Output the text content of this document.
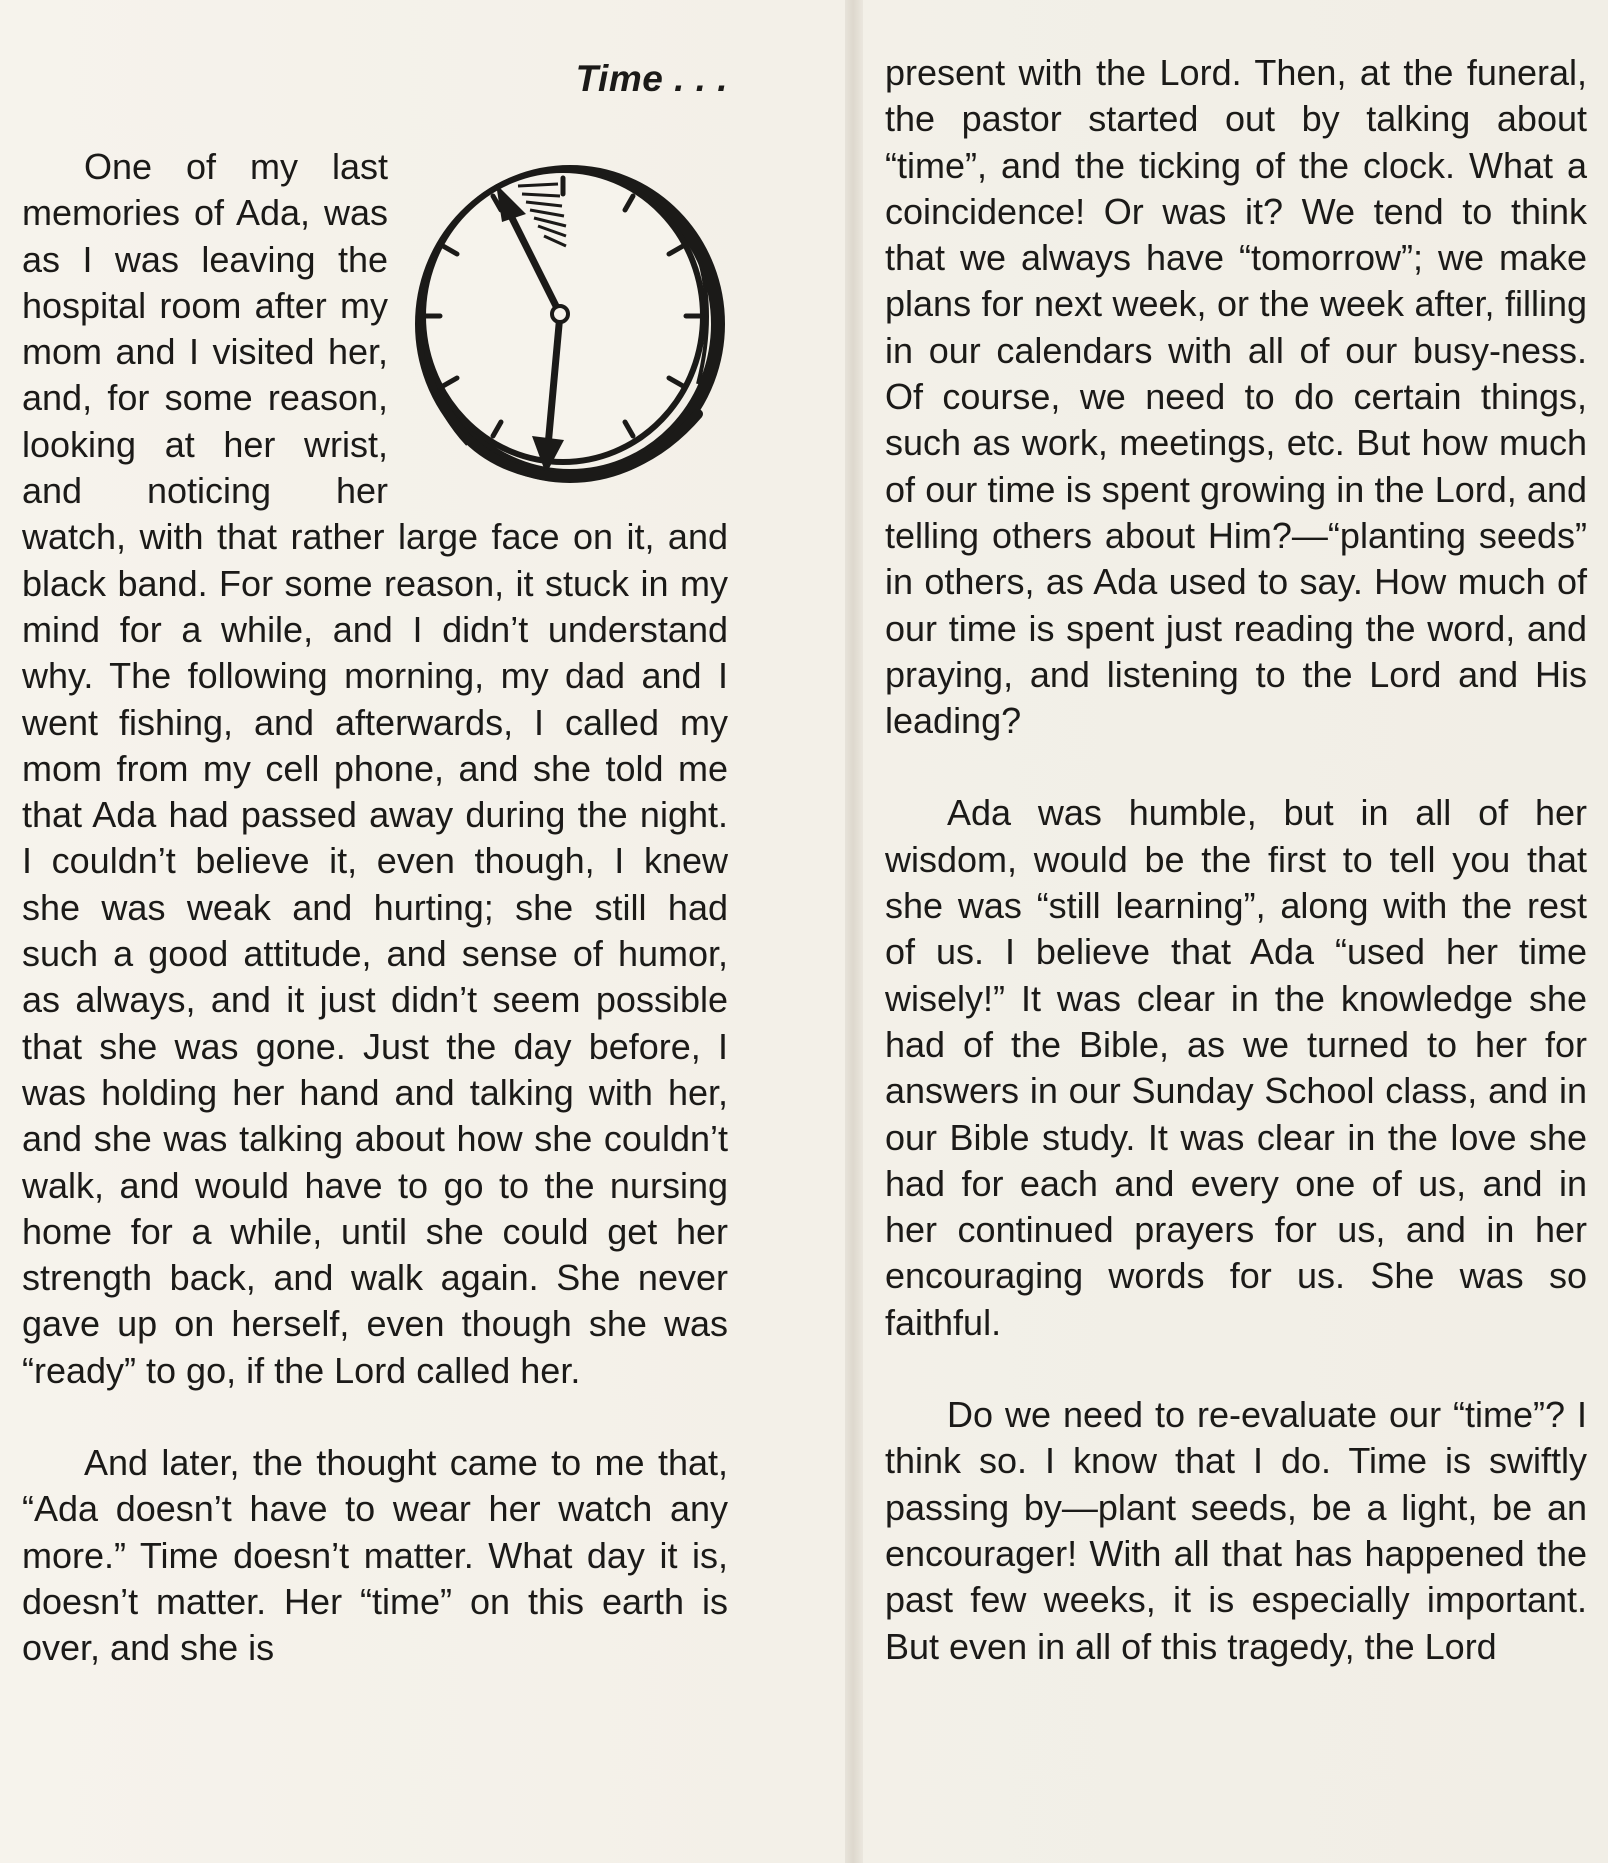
Time . . .

One of my last memories of Ada, was as I was leaving the hospital room after my mom and I visited her, and, for some reason, looking at her wrist, and noticing her watch, with that rather large face on it, and black band. For some reason, it stuck in my mind for a while, and I didn’t understand why. The following morning, my dad and I went fishing, and afterwards, I called my mom from my cell phone, and she told me that Ada had passed away during the night. I couldn’t believe it, even though, I knew she was weak and hurting; she still had such a good attitude, and sense of humor, as always, and it just didn’t seem possible that she was gone. Just the day before, I was holding her hand and talking with her, and she was talking about how she couldn’t walk, and would have to go to the nursing home for a while, until she could get her strength back, and walk again. She never gave up on herself, even though she was “ready” to go, if the Lord called her.

And later, the thought came to me that, “Ada doesn’t have to wear her watch any more.” Time doesn’t matter. What day it is, doesn’t matter. Her “time” on this earth is over, and she is

present with the Lord. Then, at the funeral, the pastor started out by talking about “time”, and the ticking of the clock. What a coincidence! Or was it? We tend to think that we always have “tomorrow”; we make plans for next week, or the week after, filling in our calendars with all of our busy-ness. Of course, we need to do certain things, such as work, meetings, etc. But how much of our time is spent growing in the Lord, and telling others about Him?—“planting seeds” in others, as Ada used to say. How much of our time is spent just reading the word, and praying, and listening to the Lord and His leading?

Ada was humble, but in all of her wisdom, would be the first to tell you that she was “still learning”, along with the rest of us. I believe that Ada “used her time wisely!” It was clear in the knowledge she had of the Bible, as we turned to her for answers in our Sunday School class, and in our Bible study. It was clear in the love she had for each and every one of us, and in her continued prayers for us, and in her encouraging words for us. She was so faithful.

Do we need to re-evaluate our “time”? I think so. I know that I do. Time is swiftly passing by—plant seeds, be a light, be an encourager! With all that has happened the past few weeks, it is especially important. But even in all of this tragedy, the Lord
